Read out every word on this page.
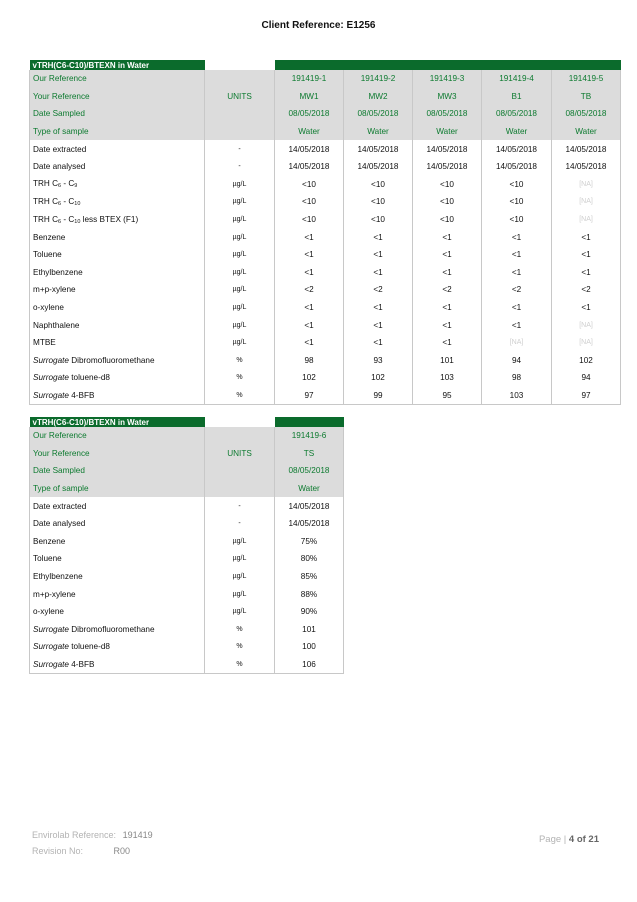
Client Reference: E1256
vTRH(C6-C10)/BTEXN in Water						
Our Reference		191419-1	191419-2	191419-3	191419-4	191419-5
Your Reference	UNITS	MW1	MW2	MW3	B1	TB
Date Sampled		08/05/2018	08/05/2018	08/05/2018	08/05/2018	08/05/2018
Type of sample		Water	Water	Water	Water	Water
Date extracted	-	14/05/2018	14/05/2018	14/05/2018	14/05/2018	14/05/2018
Date analysed	-	14/05/2018	14/05/2018	14/05/2018	14/05/2018	14/05/2018
TRH $C_6 - C_9$	µg/L	<10	<10	<10	<10	[NA]
TRH $C_6 - C_{10}$	µg/L	<10	<10	<10	<10	[NA]
TRH $C_6 - C_{10}$ less BTEX (F1)	µg/L	<10	<10	<10	<10	[NA]
Benzene	µg/L	<1	<1	<1	<1	<1
Toluene	µg/L	<1	<1	<1	<1	<1
Ethylbenzene	µg/L	<1	<1	<1	<1	<1
m+p-xylene	µg/L	<2	<2	<2	<2	<2
o-xylene	µg/L	<1	<1	<1	<1	<1
Naphthalene	µg/L	<1	<1	<1	<1	[NA]
MTBE	µg/L	<1	<1	<1	[NA]	[NA]
Surrogate Dibromofluoromethane	%	98	93	101	94	102
Surrogate toluene-d8	%	102	102	103	98	94
Surrogate 4-BFB	%	97	99	95	103	97
vTRH(C6-C10)/BTEXN in Water		
Our Reference		191419-6
Your Reference	UNITS	TS
Date Sampled		08/05/2018
Type of sample		Water
Date extracted	-	14/05/2018
Date analysed	-	14/05/2018
Benzene	µg/L	75%
Toluene	µg/L	80%
Ethylbenzene	µg/L	85%
m+p-xylene	µg/L	88%
o-xylene	µg/L	90%
Surrogate Dibromofluoromethane	%	101
Surrogate toluene-d8	%	100
Surrogate 4-BFB	%	106
Envirolab Reference: 191419
Revision No:	R00
Page | 4 of 21
